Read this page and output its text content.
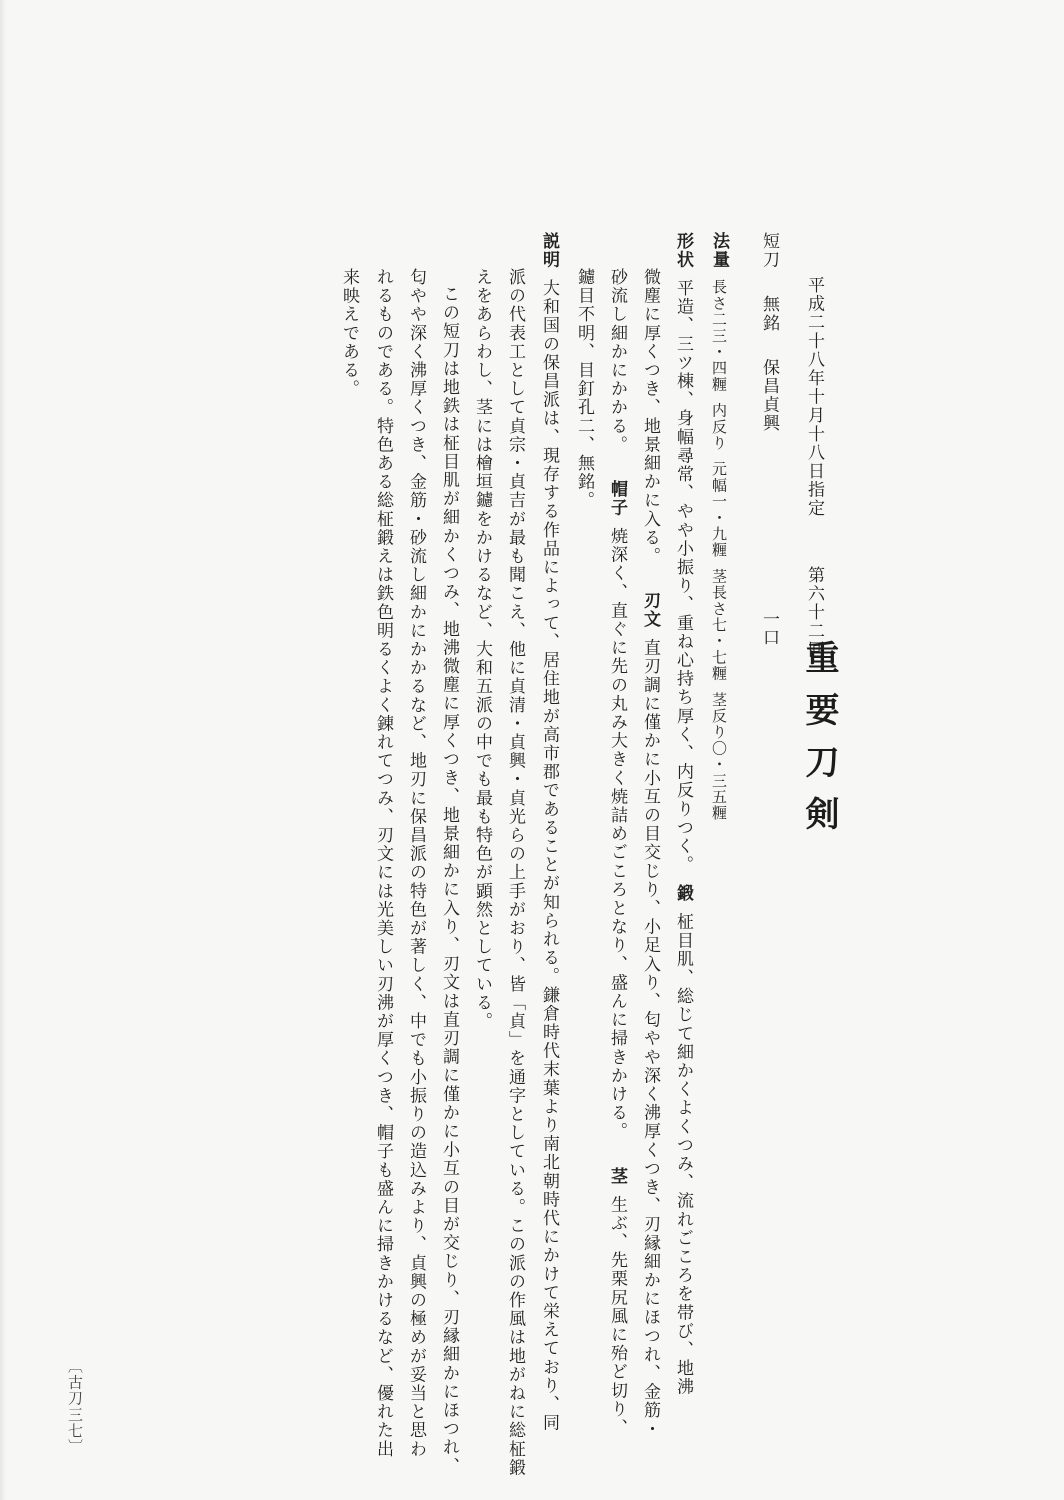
平成二十八年十月十八日指定
第六十二回
一口
重要刀剣
短刀無銘保昌貞興
法量長さ二三・四糎内反り元幅一・九糎茎長さ七・七糎茎反り〇・三五糎
形状平造、三ツ棟、身幅尋常、やや小振り、重ね心持ち厚く、内反りつく。鍛柾目肌、総じて細かくよくつみ、流れごころを帯び、地沸
微塵に厚くつき、地景細かに入る。刃文直刃調に僅かに小互の目交じり、小足入り、匂やや深く沸厚くつき、刃縁細かにほつれ、金筋・
砂流し細かにかかる。帽子焼深く、直ぐに先の丸み大きく焼詰めごころとなり、盛んに掃きかける。茎生ぶ、先栗尻風に殆ど切り、
鑢目不明、目釘孔二、無銘。
説明大和国の保昌派は、現存する作品によって、居住地が高市郡であることが知られる。鎌倉時代末葉より南北朝時代にかけて栄えており、同
派の代表工として貞宗・貞吉が最も聞こえ、他に貞清・貞興・貞光らの上手がおり、皆「貞」を通字としている。この派の作風は地がねに総柾鍛
えをあらわし、茎には檜垣鑢をかけるなど、大和五派の中でも最も特色が顕然としている。
この短刀は地鉄は柾目肌が細かくつみ、地沸微塵に厚くつき、地景細かに入り、刃文は直刃調に僅かに小互の目が交じり、刃縁細かにほつれ、
匂やや深く沸厚くつき、金筋・砂流し細かにかかるなど、地刃に保昌派の特色が著しく、中でも小振りの造込みより、貞興の極めが妥当と思わ
れるものである。特色ある総柾鍛えは鉄色明るくよく錬れてつみ、刃文には光美しい刃沸が厚くつき、帽子も盛んに掃きかけるなど、優れた出
来映えである。
〔古刀三七〕
